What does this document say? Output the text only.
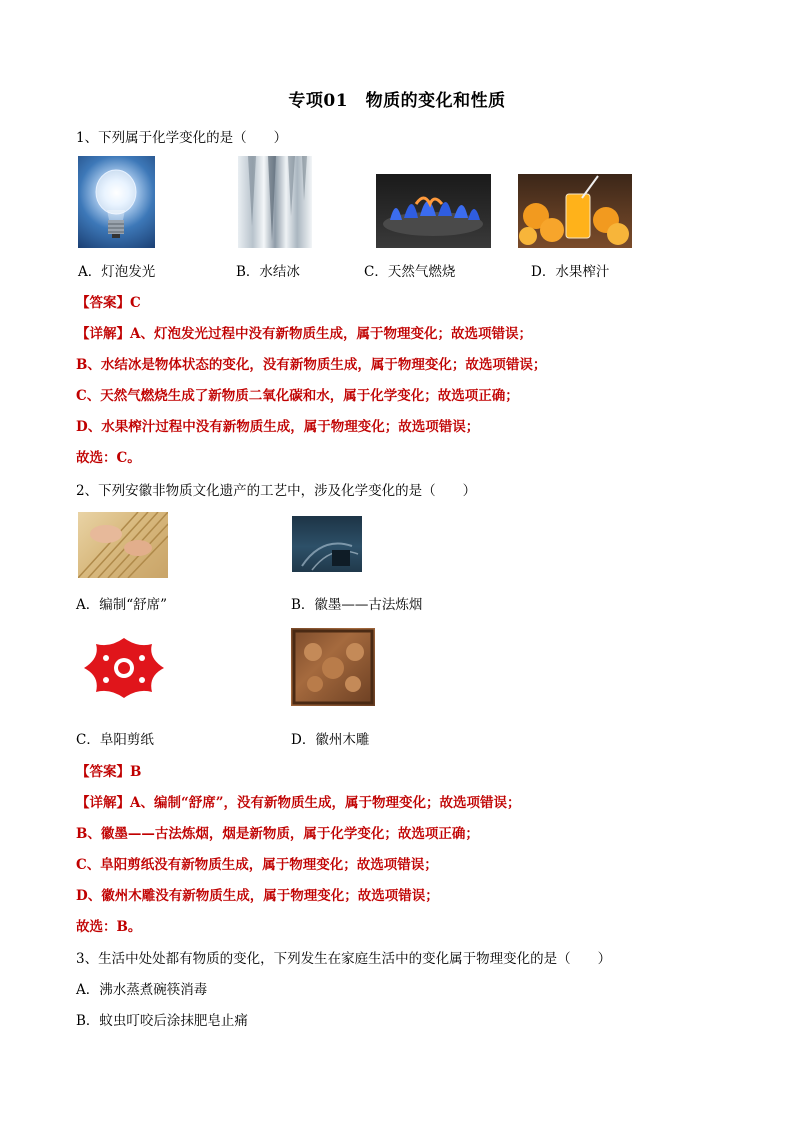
专项01　物质的变化和性质
1、下列属于化学变化的是（　　）
A．灯泡发光	B．水结冰	C．天然气燃烧	D．水果榨汁
【答案】C
【详解】A、灯泡发光过程中没有新物质生成，属于物理变化；故选项错误；
B、水结冰是物体状态的变化，没有新物质生成，属于物理变化；故选项错误；
C、天然气燃烧生成了新物质二氧化碳和水，属于化学变化；故选项正确；
D、水果榨汁过程中没有新物质生成，属于物理变化；故选项错误；
故选：C。
2、下列安徽非物质文化遗产的工艺中，涉及化学变化的是（　　）
A．编制“舒席”	B．徽墨——古法炼烟
C．阜阳剪纸	D．徽州木雕
【答案】B
【详解】A、编制“舒席”，没有新物质生成，属于物理变化；故选项错误；
B、徽墨——古法炼烟，烟是新物质，属于化学变化；故选项正确；
C、阜阳剪纸没有新物质生成，属于物理变化；故选项错误；
D、徽州木雕没有新物质生成，属于物理变化；故选项错误；
故选：B。
3、生活中处处都有物质的变化，下列发生在家庭生活中的变化属于物理变化的是（　　）
A．沸水蒸煮碗筷消毒
B．蚊虫叮咬后涂抹肥皂止痛
